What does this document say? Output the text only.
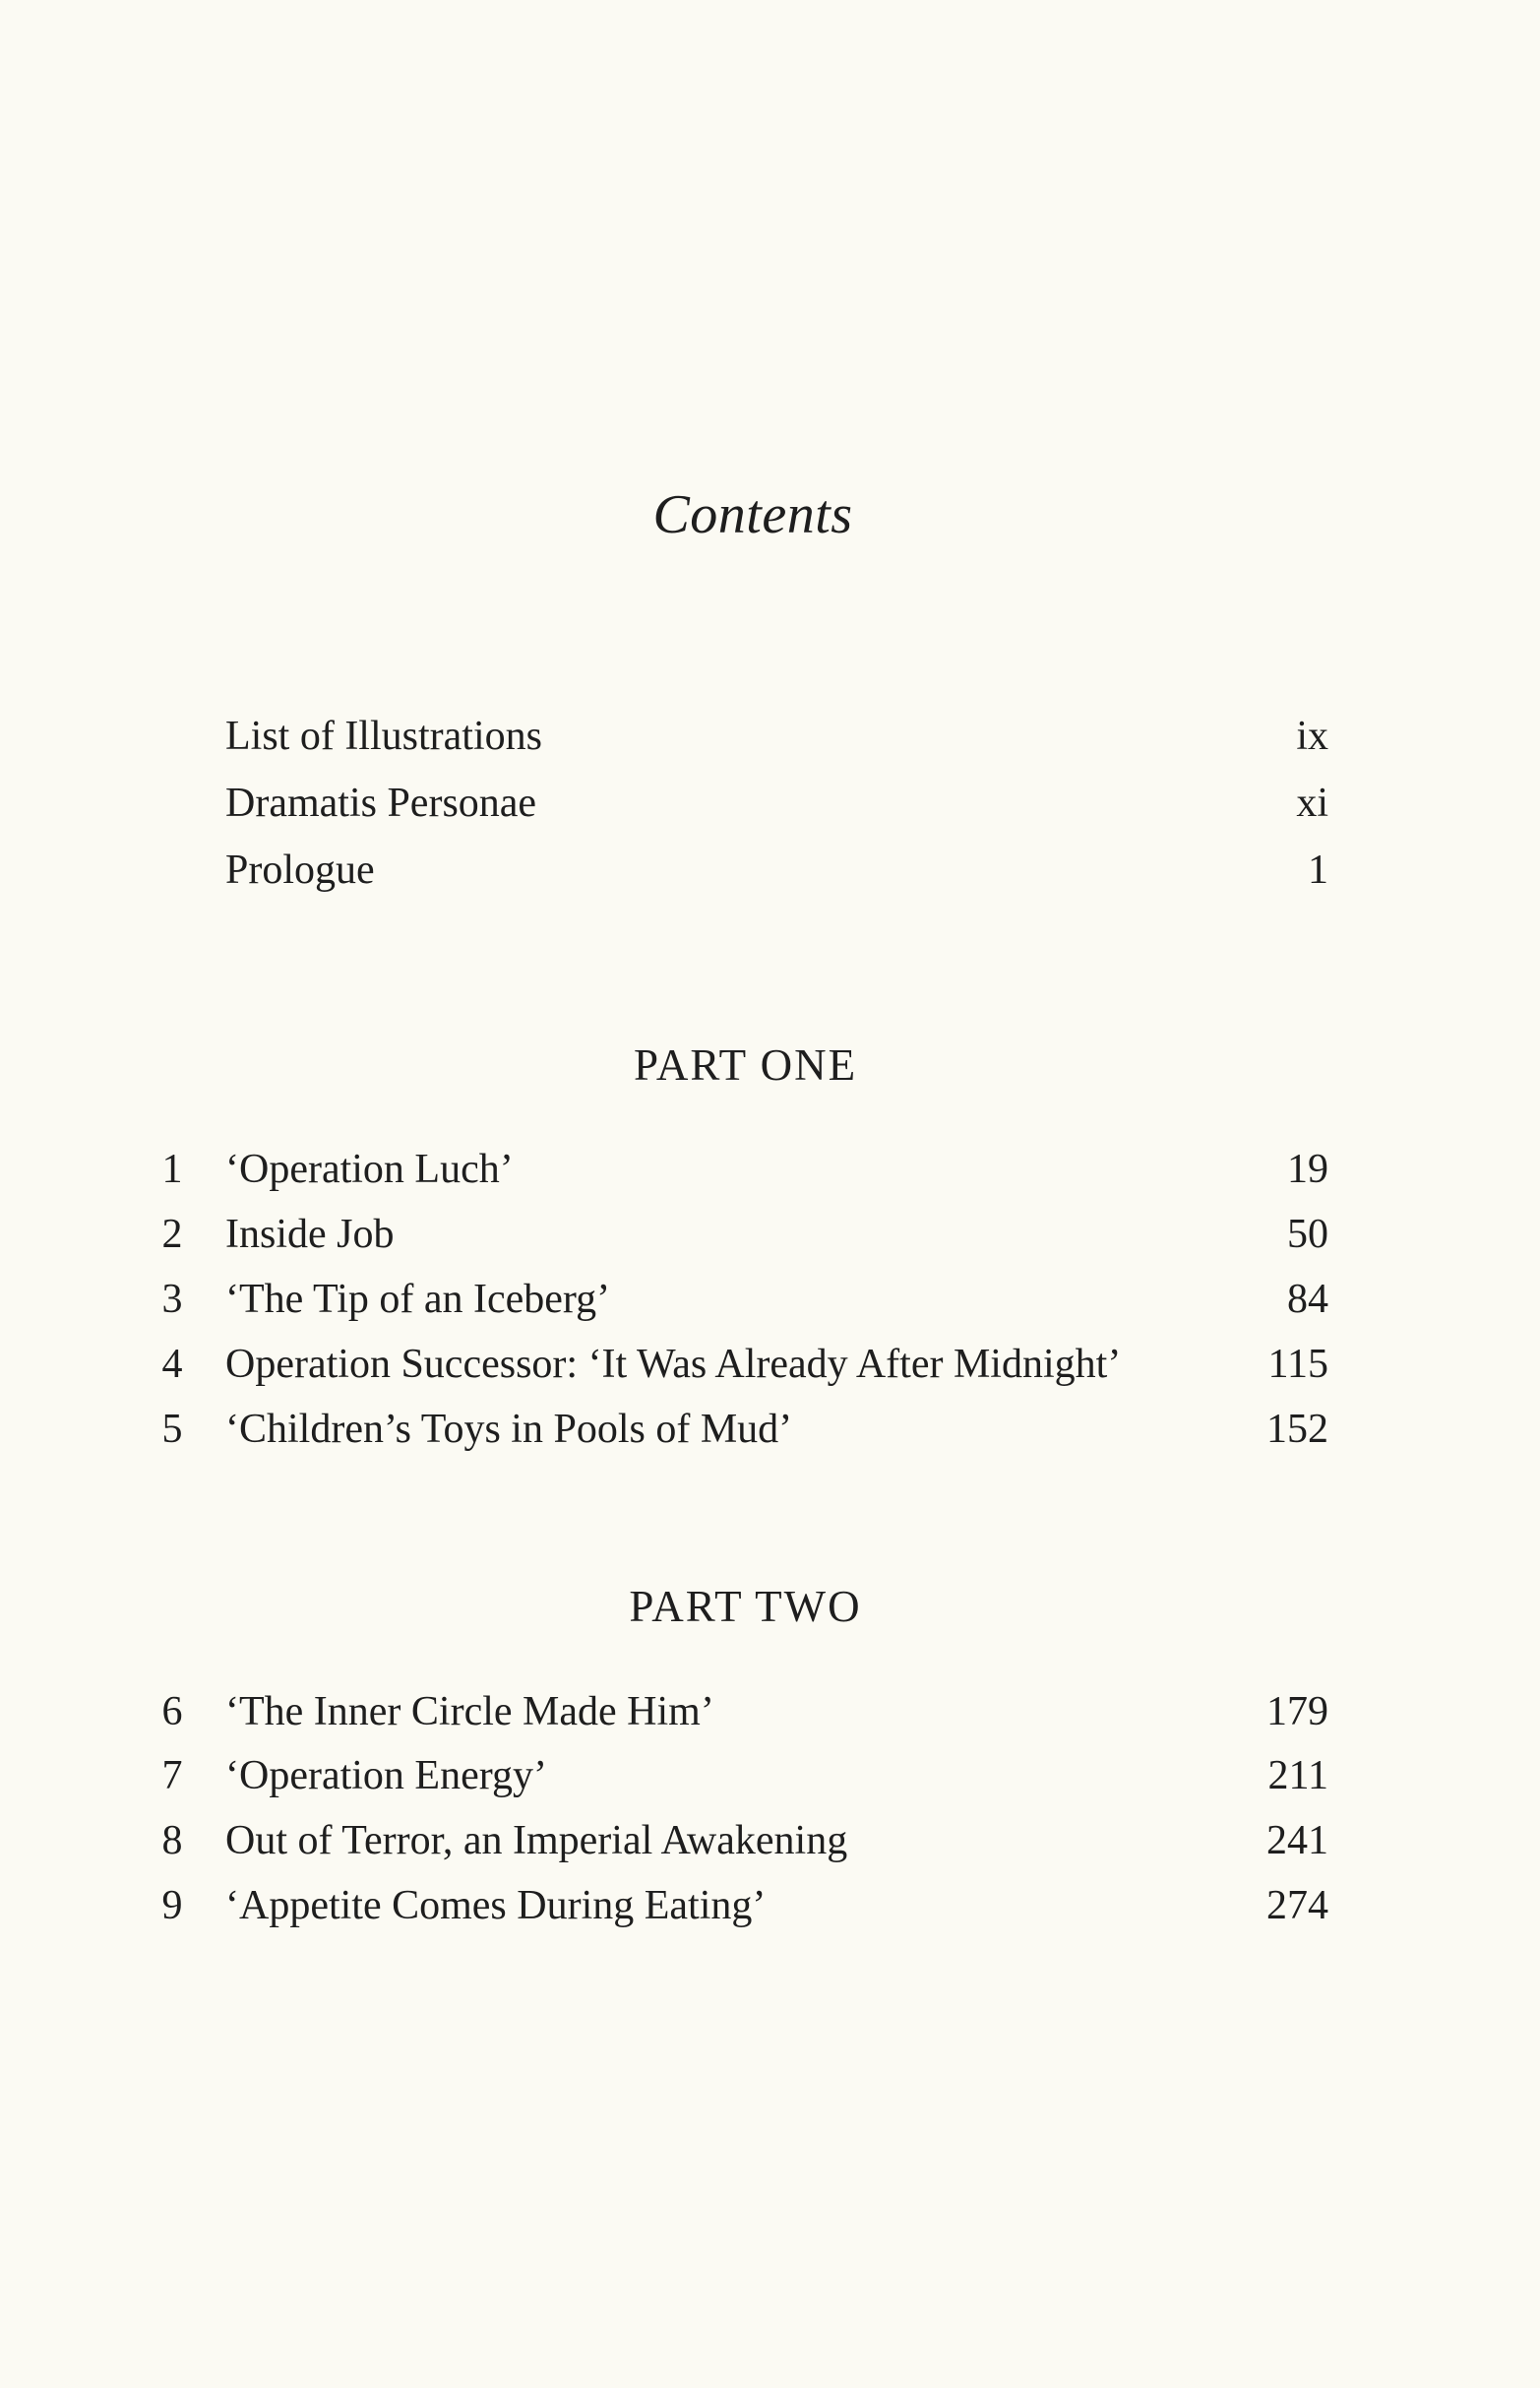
Contents
List of Illustrations	ix
Dramatis Personae	xi
Prologue	1
PART ONE
1 ‘Operation Luch’	19
2 Inside Job	50
3 ‘The Tip of an Iceberg’	84
4 Operation Successor: ‘It Was Already After Midnight’	115
5 ‘Children’s Toys in Pools of Mud’	152
PART TWO
6 ‘The Inner Circle Made Him’	179
7 ‘Operation Energy’	211
8 Out of Terror, an Imperial Awakening	241
9 ‘Appetite Comes During Eating’	274
